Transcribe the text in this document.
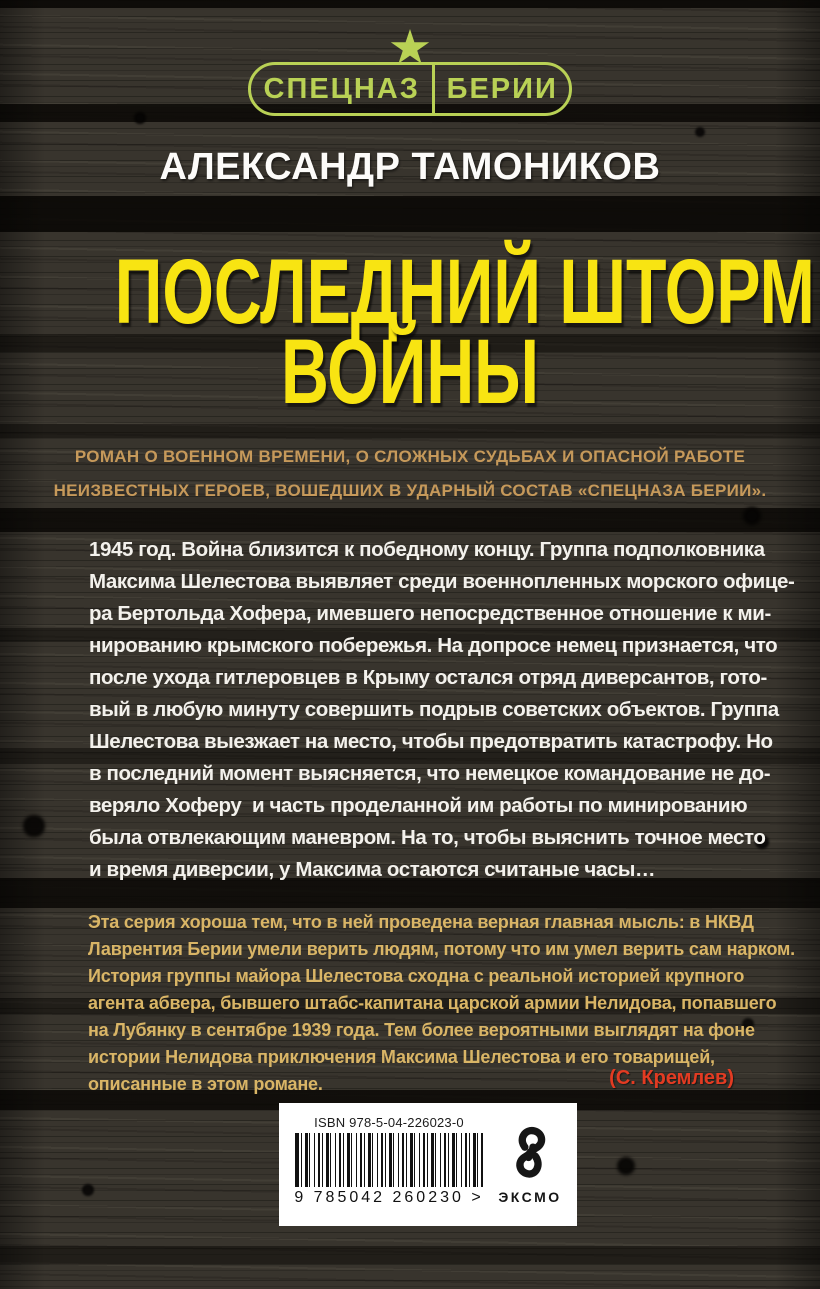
СПЕЦНАЗ БЕРИИ
АЛЕКСАНДР ТАМОНИКОВ
ПОСЛЕДНИЙ ШТОРМ
ВОЙНЫ
РОМАН О ВОЕННОМ ВРЕМЕНИ, О СЛОЖНЫХ СУДЬБАХ И ОПАСНОЙ РАБОТЕ
НЕИЗВЕСТНЫХ ГЕРОЕВ, ВОШЕДШИХ В УДАРНЫЙ СОСТАВ «СПЕЦНАЗА БЕРИИ».
1945 год. Война близится к победному концу. Группа подполковника
Максима Шелестова выявляет среди военнопленных морского офице-
ра Бертольда Хофера, имевшего непосредственное отношение к ми-
нированию крымского побережья. На допросе немец признается, что
после ухода гитлеровцев в Крыму остался отряд диверсантов, гото-
вый в любую минуту совершить подрыв советских объектов. Группа
Шелестова выезжает на место, чтобы предотвратить катастрофу. Но
в последний момент выясняется, что немецкое командование не до-
веряло Хоферу  и часть проделанной им работы по минированию
была отвлекающим маневром. На то, чтобы выяснить точное место
и время диверсии, у Максима остаются считаные часы…
Эта серия хороша тем, что в ней проведена верная главная мысль: в НКВД
Лаврентия Берии умели верить людям, потому что им умел верить сам нарком.
История группы майора Шелестова сходна с реальной историей крупного
агента абвера, бывшего штабс-капитана царской армии Нелидова, попавшего
на Лубянку в сентябре 1939 года. Тем более вероятными выглядят на фоне
истории Нелидова приключения Максима Шелестова и его товарищей,
описанные в этом романе.	(С. Кремлев)
ISBN 978-5-04-226023-0
9 785042 260230 > ЭКСМО
